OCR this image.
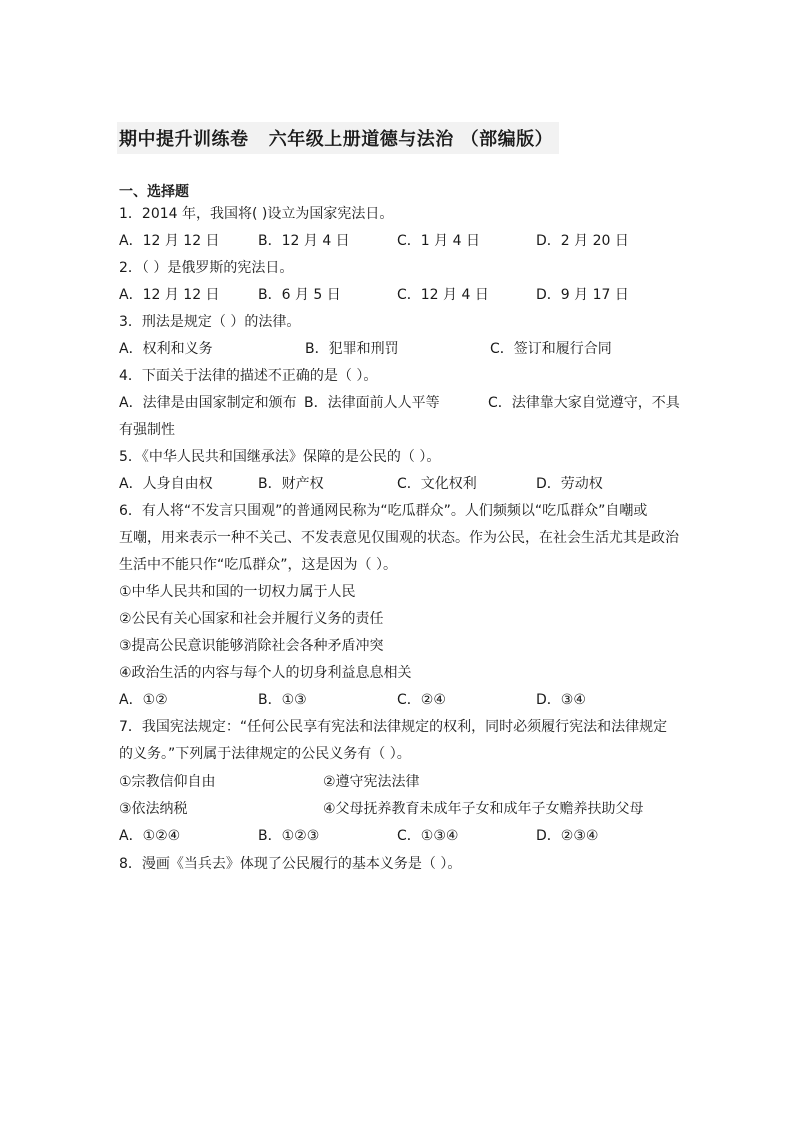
期中提升训练卷   六年级上册道德与法治 （部编版）
一、选择题
1．2014 年，我国将( )设立为国家宪法日。
A．12 月 12 日	B．12 月 4 日	C．1 月 4 日	D．2 月 20 日
2．（ ）是俄罗斯的宪法日。
A．12 月 12 日	B．6 月 5 日	C．12 月 4 日	D．9 月 17 日
3．刑法是规定（ ）的法律。
A．权利和义务	B．犯罪和刑罚	C．签订和履行合同
4．下面关于法律的描述不正确的是（ ）。
A．法律是由国家制定和颁布 B．法律面前人人平等	C．法律靠大家自觉遵守，不具
有强制性
5．《中华人民共和国继承法》保障的是公民的（ ）。
A．人身自由权	B．财产权	C．文化权利	D．劳动权
6．有人将“不发言只围观”的普通网民称为“吃瓜群众”。人们频频以“吃瓜群众”自嘲或
互嘲，用来表示一种不关己、不发表意见仅围观的状态。作为公民，在社会生活尤其是政治
生活中不能只作“吃瓜群众”，这是因为（ ）。
①中华人民共和国的一切权力属于人民
②公民有关心国家和社会并履行义务的责任
③提高公民意识能够消除社会各种矛盾冲突
④政治生活的内容与每个人的切身利益息息相关
A．①②	B．①③	C．②④	D．③④
7．我国宪法规定：“任何公民享有宪法和法律规定的权利，同时必须履行宪法和法律规定
的义务。”下列属于法律规定的公民义务有（ ）。
①宗教信仰自由	②遵守宪法法律
③依法纳税	④父母抚养教育未成年子女和成年子女赡养扶助父母
A．①②④	B．①②③	C．①③④	D．②③④
8．漫画《当兵去》体现了公民履行的基本义务是（ ）。
